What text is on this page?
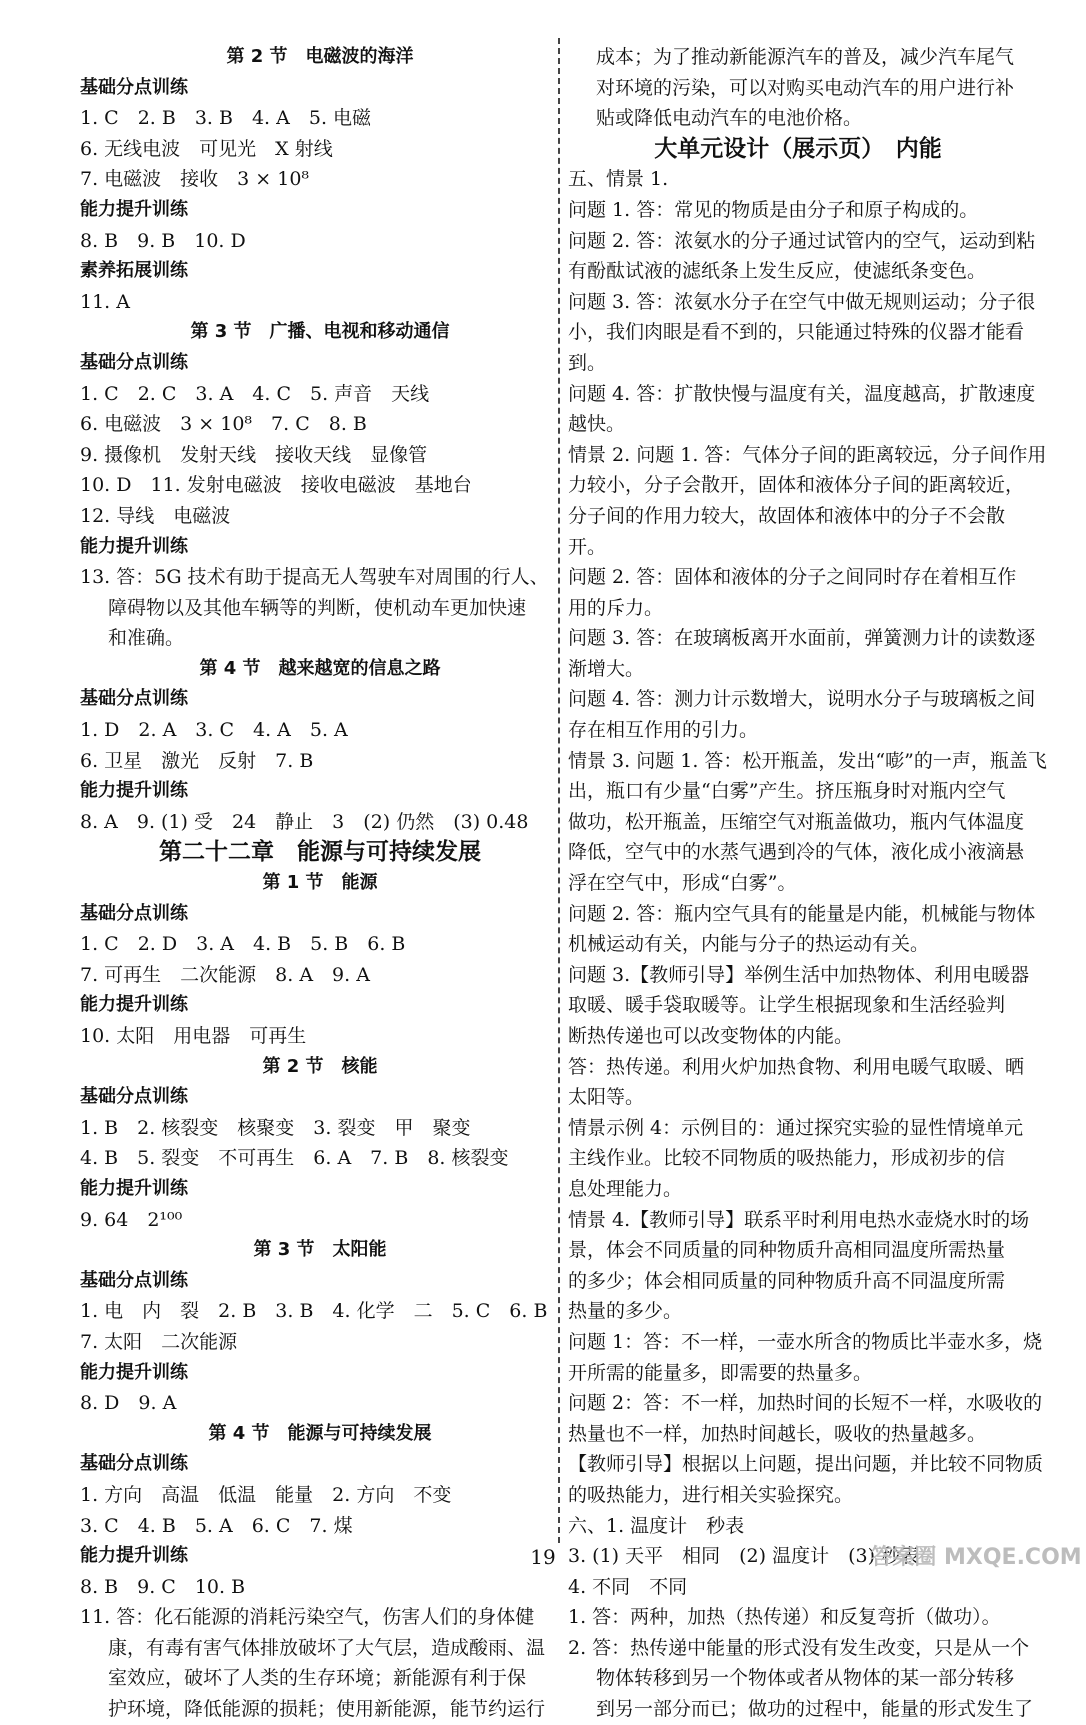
第 2 节　电磁波的海洋
基础分点训练
1. C　2. B　3. B　4. A　5. 电磁
6. 无线电波　可见光　X 射线
7. 电磁波　接收　3 × 10⁸
能力提升训练
8. B　9. B　10. D
素养拓展训练
11. A
第 3 节　广播、电视和移动通信
基础分点训练
1. C　2. C　3. A　4. C　5. 声音　天线
6. 电磁波　3 × 10⁸　7. C　8. B
9. 摄像机　发射天线　接收天线　显像管
10. D　11. 发射电磁波　接收电磁波　基地台
12. 导线　电磁波
能力提升训练
13. 答：5G 技术有助于提高无人驾驶车对周围的行人、
障碍物以及其他车辆等的判断，使机动车更加快速
和准确。
第 4 节　越来越宽的信息之路
基础分点训练
1. D　2. A　3. C　4. A　5. A
6. 卫星　激光　反射　7. B
能力提升训练
8. A　9. (1) 受　24　静止　3　(2) 仍然　(3) 0.48
第二十二章　能源与可持续发展
第 1 节　能源
基础分点训练
1. C　2. D　3. A　4. B　5. B　6. B
7. 可再生　二次能源　8. A　9. A
能力提升训练
10. 太阳　用电器　可再生
第 2 节　核能
基础分点训练
1. B　2. 核裂变　核聚变　3. 裂变　甲　聚变
4. B　5. 裂变　不可再生　6. A　7. B　8. 核裂变
能力提升训练
9. 64　2¹⁰⁰
第 3 节　太阳能
基础分点训练
1. 电　内　裂　2. B　3. B　4. 化学　二　5. C　6. B
7. 太阳　二次能源
能力提升训练
8. D　9. A
第 4 节　能源与可持续发展
基础分点训练
1. 方向　高温　低温　能量　2. 方向　不变
3. C　4. B　5. A　6. C　7. 煤
能力提升训练
8. B　9. C　10. B
11. 答：化石能源的消耗污染空气，伤害人们的身体健
康，有毒有害气体排放破坏了大气层，造成酸雨、温
室效应，破坏了人类的生存环境；新能源有利于保
护环境，降低能源的损耗；使用新能源，能节约运行
成本；为了推动新能源汽车的普及，减少汽车尾气
对环境的污染，可以对购买电动汽车的用户进行补
贴或降低电动汽车的电池价格。
大单元设计（展示页）　内能
五、情景 1.
问题 1. 答：常见的物质是由分子和原子构成的。
问题 2. 答：浓氨水的分子通过试管内的空气，运动到粘
有酚酞试液的滤纸条上发生反应，使滤纸条变色。
问题 3. 答：浓氨水分子在空气中做无规则运动；分子很
小，我们肉眼是看不到的，只能通过特殊的仪器才能看
到。
问题 4. 答：扩散快慢与温度有关，温度越高，扩散速度
越快。
情景 2. 问题 1. 答：气体分子间的距离较远，分子间作用
力较小，分子会散开，固体和液体分子间的距离较近，
分子间的作用力较大，故固体和液体中的分子不会散
开。
问题 2. 答：固体和液体的分子之间同时存在着相互作
用的斥力。
问题 3. 答：在玻璃板离开水面前，弹簧测力计的读数逐
渐增大。
问题 4. 答：测力计示数增大，说明水分子与玻璃板之间
存在相互作用的引力。
情景 3. 问题 1. 答：松开瓶盖，发出“嘭”的一声，瓶盖飞
出，瓶口有少量“白雾”产生。挤压瓶身时对瓶内空气
做功，松开瓶盖，压缩空气对瓶盖做功，瓶内气体温度
降低，空气中的水蒸气遇到冷的气体，液化成小液滴悬
浮在空气中，形成“白雾”。
问题 2. 答：瓶内空气具有的能量是内能，机械能与物体
机械运动有关，内能与分子的热运动有关。
问题 3.【教师引导】举例生活中加热物体、利用电暖器
取暖、暖手袋取暖等。让学生根据现象和生活经验判
断热传递也可以改变物体的内能。
答：热传递。利用火炉加热食物、利用电暖气取暖、晒
太阳等。
情景示例 4：示例目的：通过探究实验的显性情境单元
主线作业。比较不同物质的吸热能力，形成初步的信
息处理能力。
情景 4.【教师引导】联系平时利用电热水壶烧水时的场
景，体会不同质量的同种物质升高相同温度所需热量
的多少；体会相同质量的同种物质升高不同温度所需
热量的多少。
问题 1：答：不一样，一壶水所含的物质比半壶水多，烧
开所需的能量多，即需要的热量多。
问题 2：答：不一样，加热时间的长短不一样，水吸收的
热量也不一样，加热时间越长，吸收的热量越多。
【教师引导】根据以上问题，提出问题，并比较不同物质
的吸热能力，进行相关实验探究。
六、1. 温度计　秒表
3. (1) 天平　相同　(2) 温度计　(3) 秒表
4. 不同　不同
1. 答：两种，加热（热传递）和反复弯折（做功）。
2. 答：热传递中能量的形式没有发生改变，只是从一个
物体转移到另一个物体或者从物体的某一部分转移
到另一部分而已；做功的过程中，能量的形式发生了
19	答案圈 MXQE.COM
